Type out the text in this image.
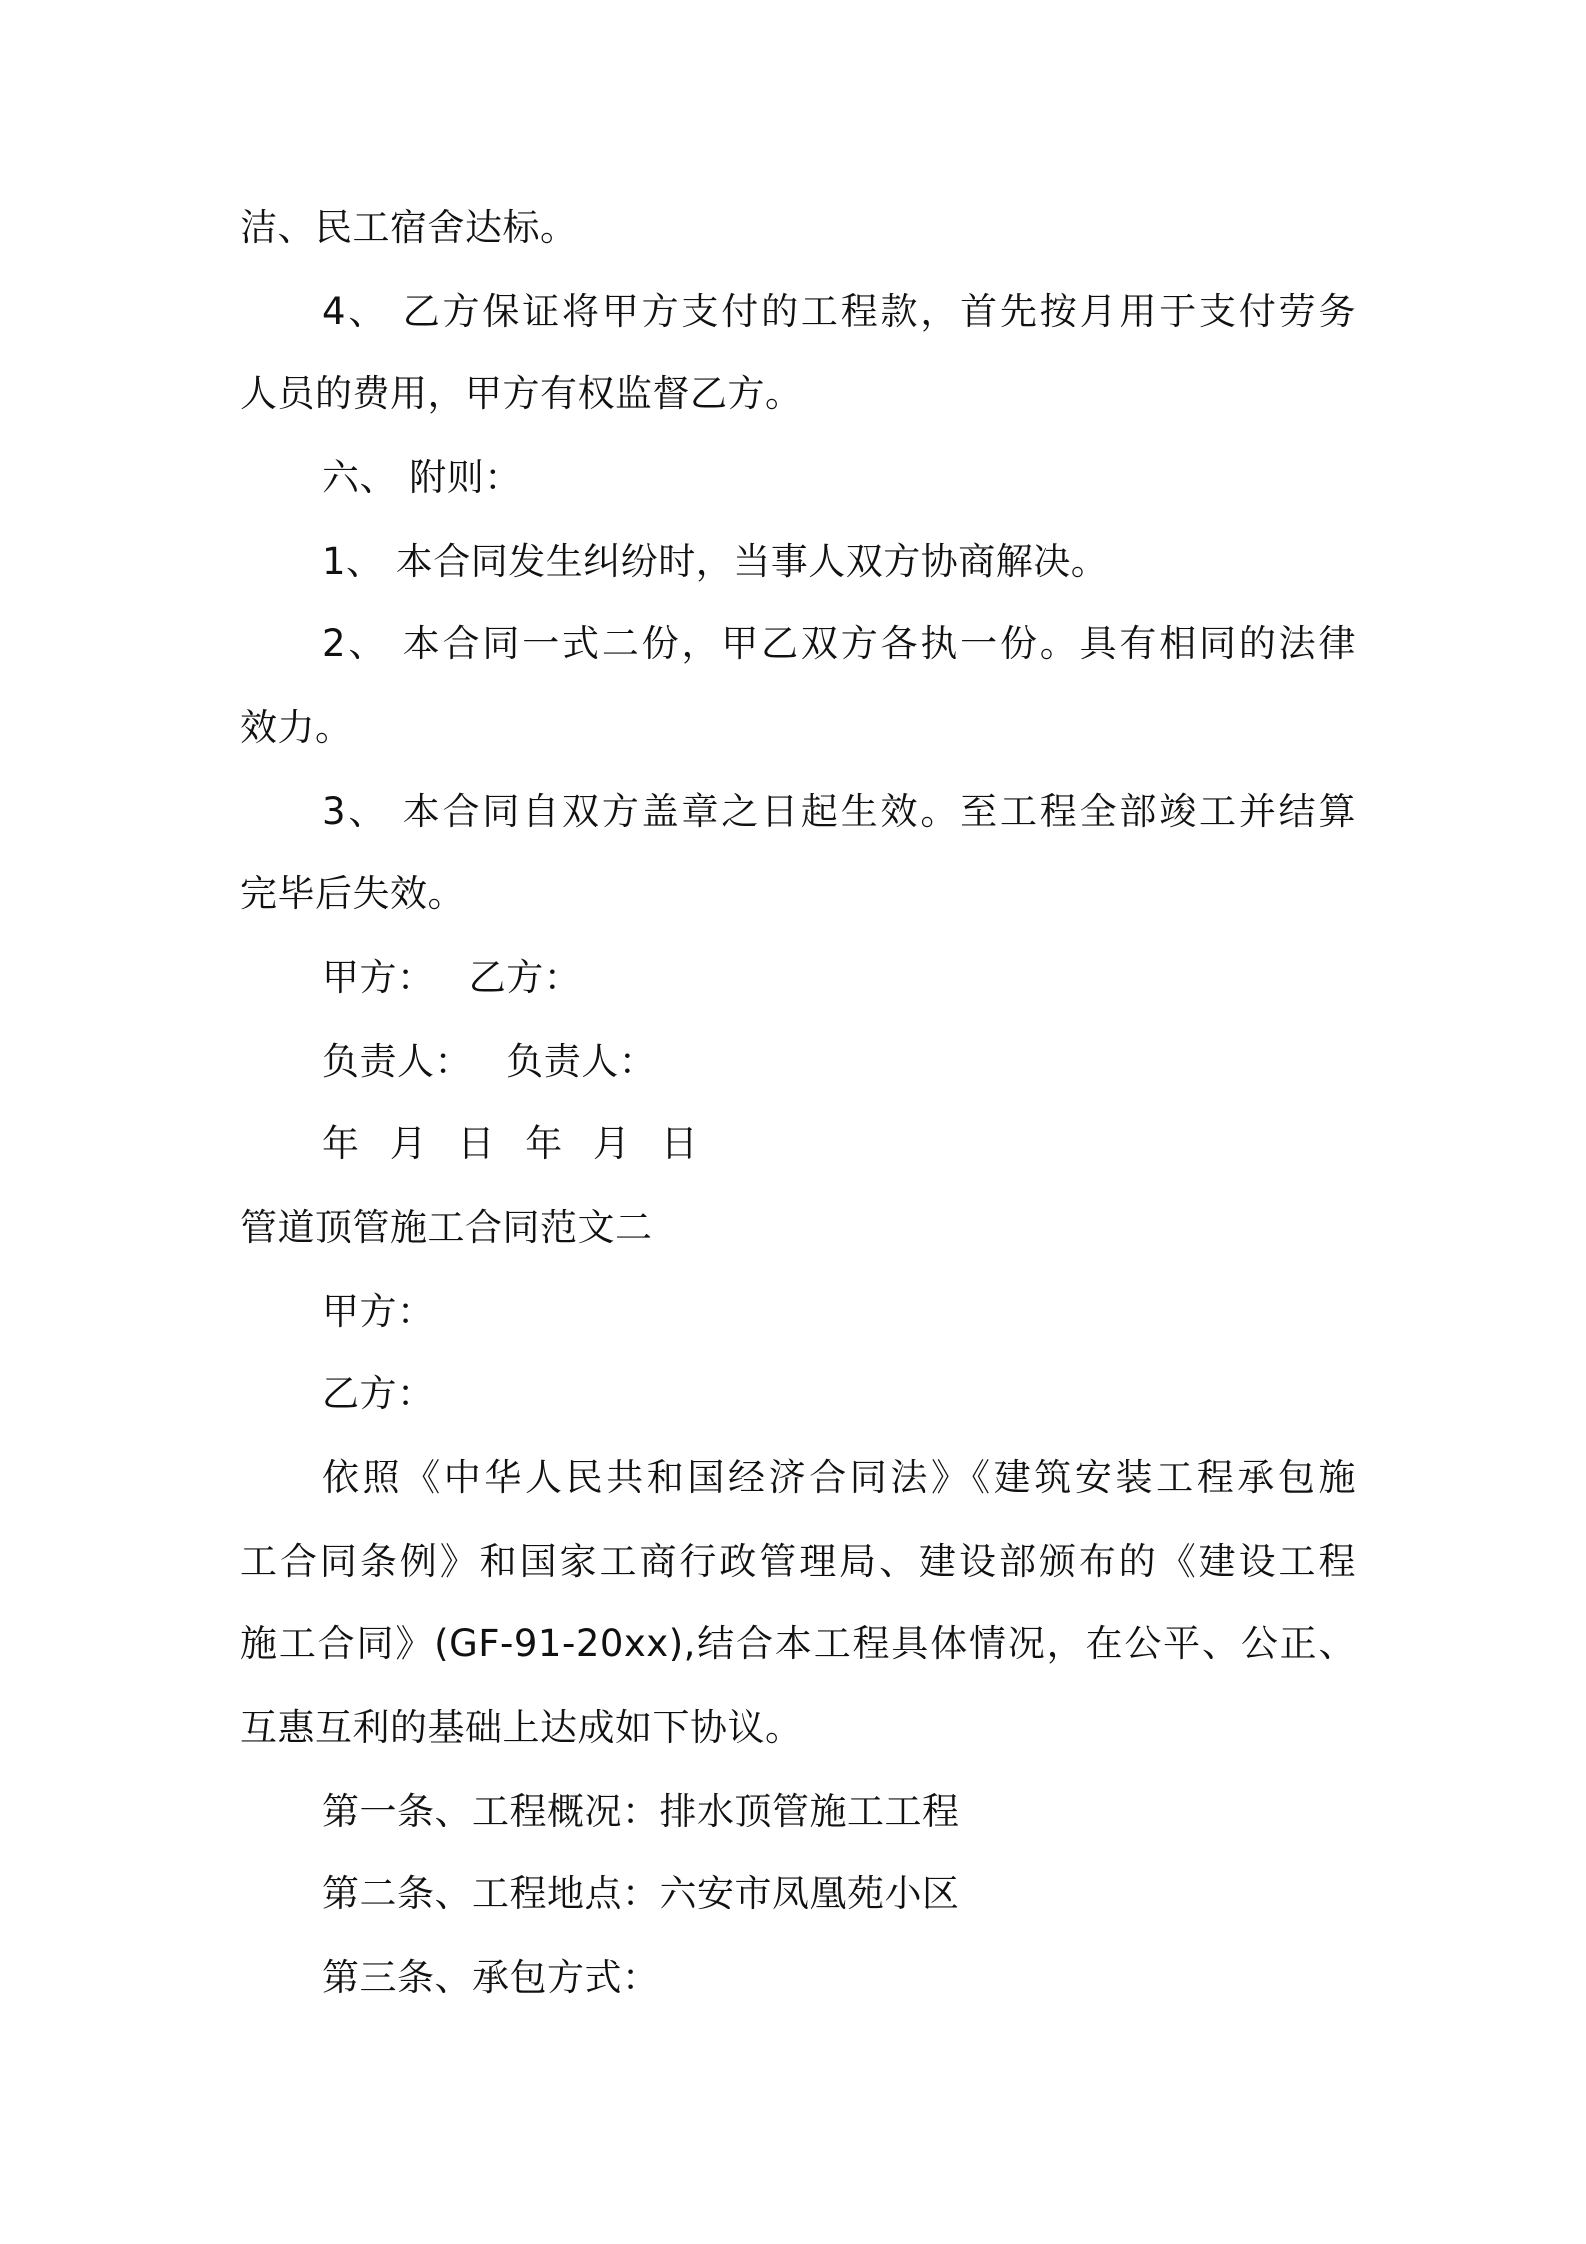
洁、民工宿舍达标。
4、 乙方保证将甲方支付的工程款，首先按月用于支付劳务
人员的费用，甲方有权监督乙方。
六、 附则：
1、 本合同发生纠纷时，当事人双方协商解决。
2、 本合同一式二份，甲乙双方各执一份。具有相同的法律
效力。
3、 本合同自双方盖章之日起生效。至工程全部竣工并结算
完毕后失效。
甲方： 乙方：
负责人： 负责人：
年 月 日 年 月 日
管道顶管施工合同范文二
甲方：
乙方：
依照《中华人民共和国经济合同法》《建筑安装工程承包施
工合同条例》和国家工商行政管理局、建设部颁布的《建设工程
施工合同》(GF-91-20xx),结合本工程具体情况，在公平、公正、
互惠互利的基础上达成如下协议。
第一条、工程概况：排水顶管施工工程
第二条、工程地点：六安市凤凰苑小区
第三条、承包方式：
